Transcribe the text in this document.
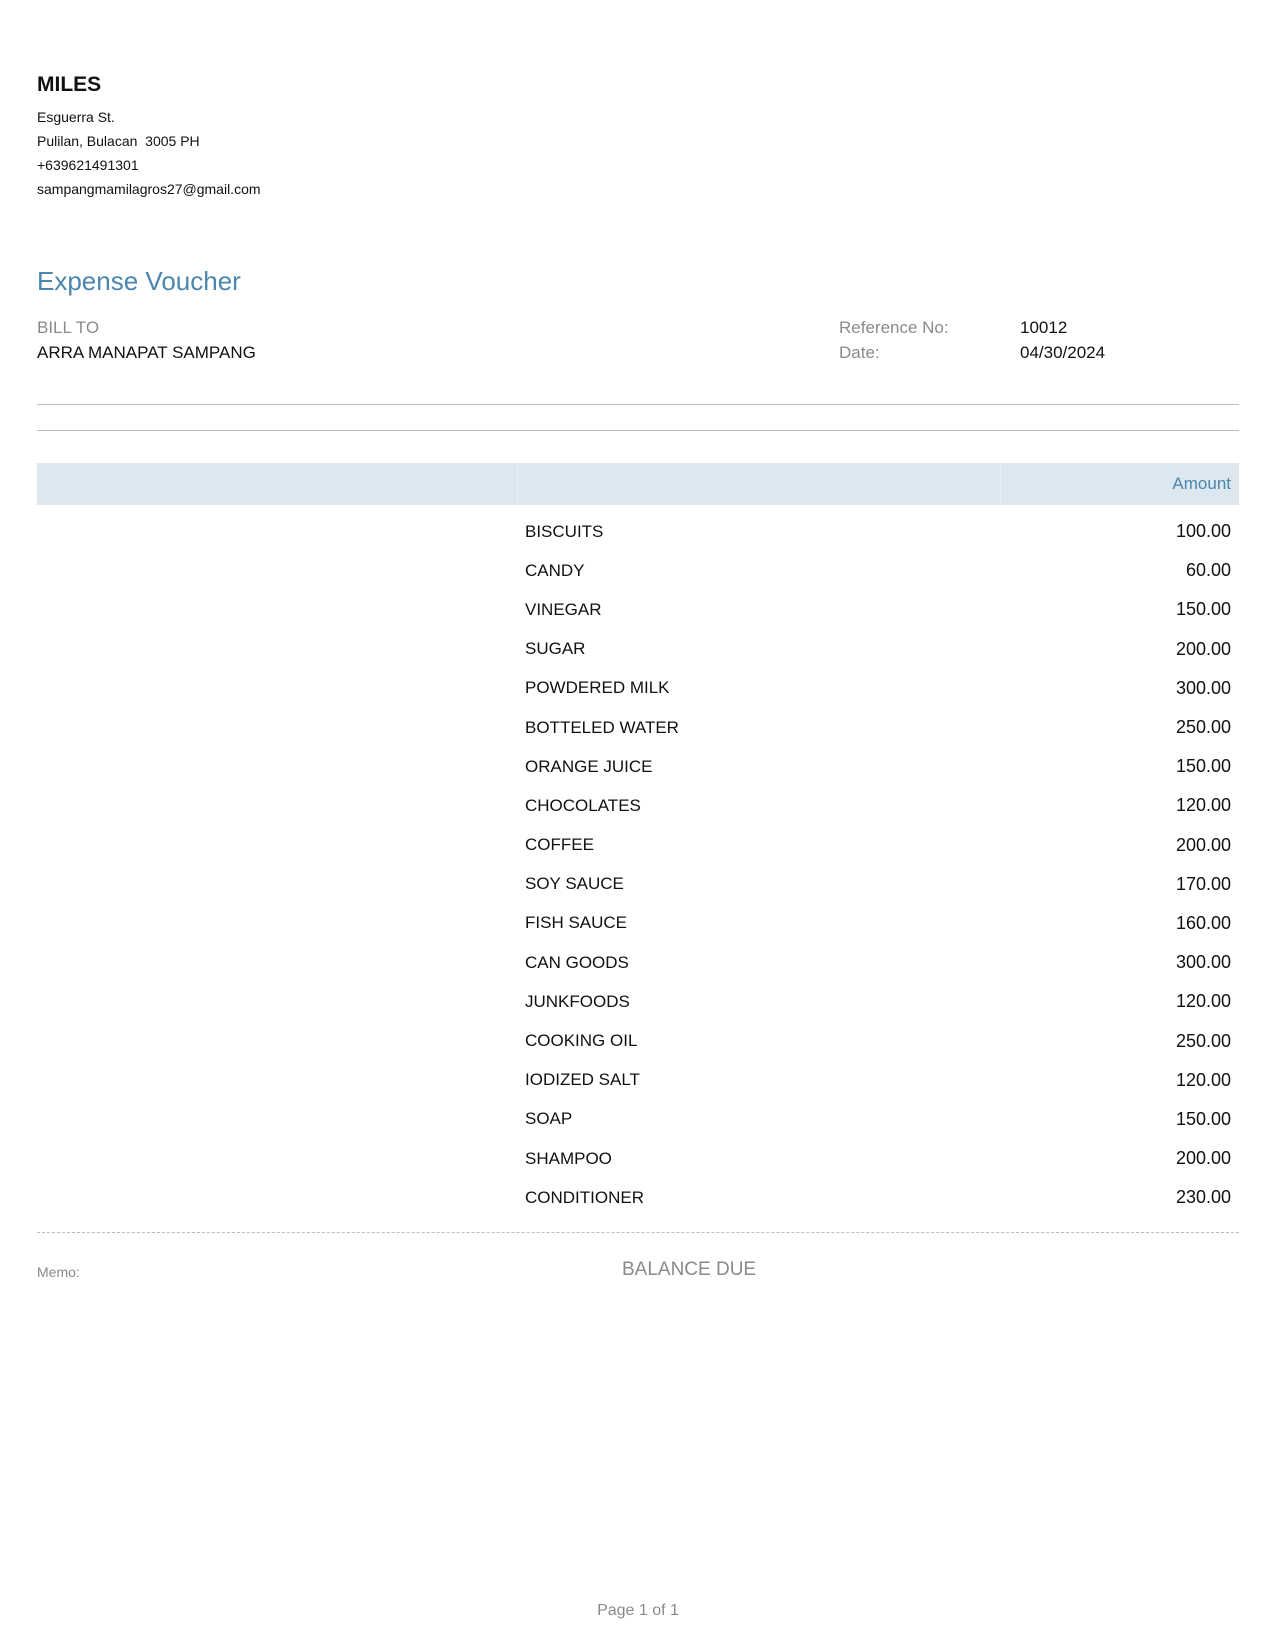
MILES
Esguerra St.
Pulilan, Bulacan  3005 PH
+639621491301
sampangmamilagros27@gmail.com
Expense Voucher
BILL TO
ARRA MANAPAT SAMPANG
Reference No:	10012
Date:	04/30/2024
Amount
BISCUITS	100.00
CANDY	60.00
VINEGAR	150.00
SUGAR	200.00
POWDERED MILK	300.00
BOTTELED WATER	250.00
ORANGE JUICE	150.00
CHOCOLATES	120.00
COFFEE	200.00
SOY SAUCE	170.00
FISH SAUCE	160.00
CAN GOODS	300.00
JUNKFOODS	120.00
COOKING OIL	250.00
IODIZED SALT	120.00
SOAP	150.00
SHAMPOO	200.00
CONDITIONER	230.00
Memo:	BALANCE DUE
Page 1 of 1
